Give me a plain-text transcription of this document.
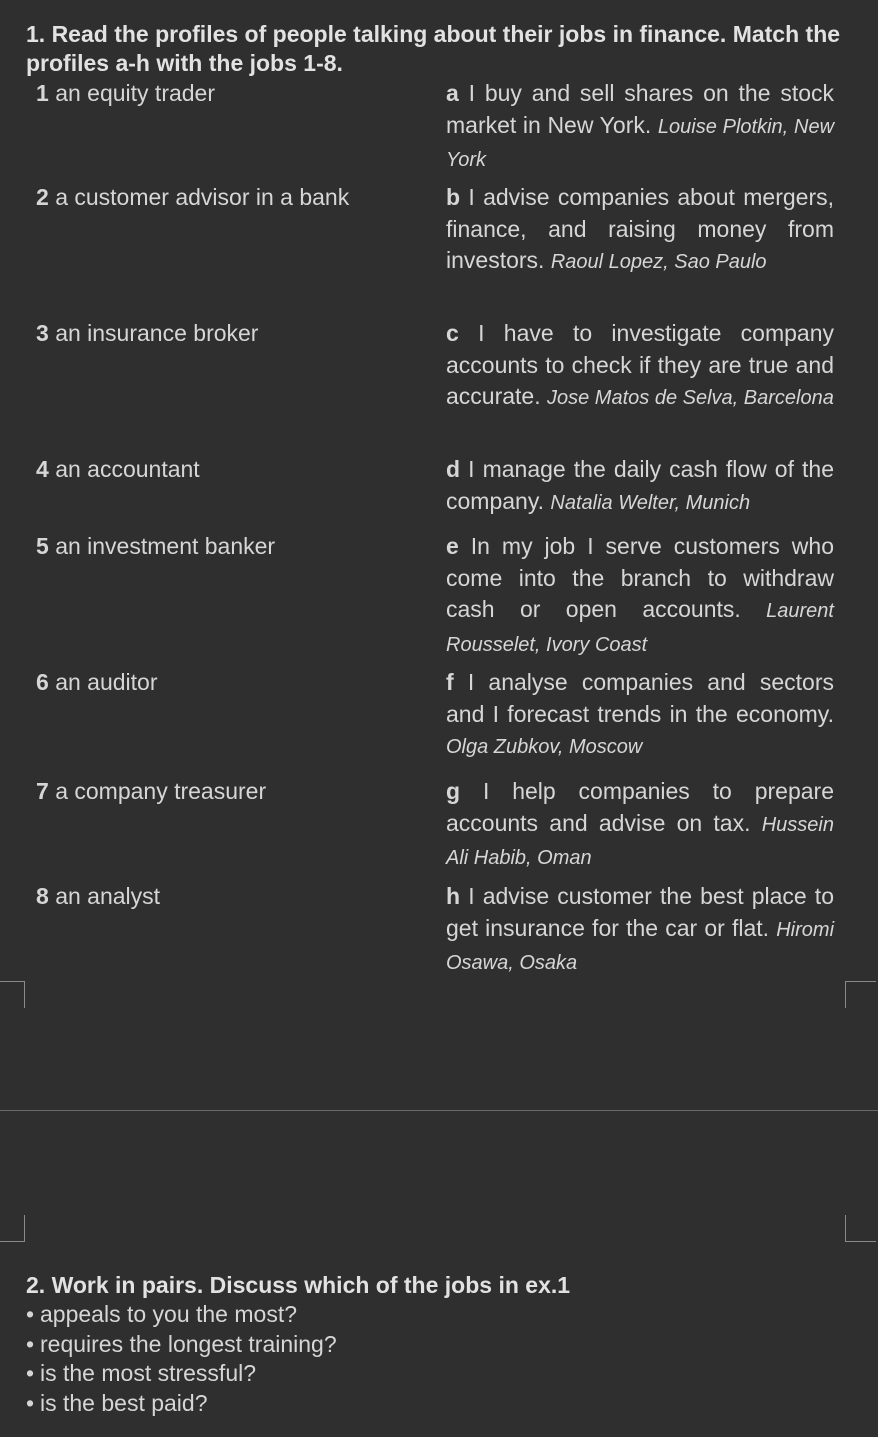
1. Read the profiles of people talking about their jobs in finance. Match the profiles a-h with the jobs 1-8.
1 an equity trader	a I buy and sell shares on the stock market in New York. Louise Plotkin, New York
2 a customer advisor in a bank	b I advise companies about mergers, finance, and raising money from investors. Raoul Lopez, Sao Paulo
3 an insurance broker	c I have to investigate company accounts to check if they are true and accurate. Jose Matos de Selva, Barcelona
4 an accountant	d I manage the daily cash flow of the company. Natalia Welter, Munich
5 an investment banker	e In my job I serve customers who come into the branch to withdraw cash or open accounts. Laurent Rousselet, Ivory Coast
6 an auditor	f I analyse companies and sectors and I forecast trends in the economy. Olga Zubkov, Moscow
7 a company treasurer	g I help companies to prepare accounts and advise on tax. Hussein Ali Habib, Oman
8 an analyst	h I advise customer the best place to get insurance for the car or flat. Hiromi Osawa, Osaka
2. Work in pairs. Discuss which of the jobs in ex.1
• appeals to you the most?
• requires the longest training?
• is the most stressful?
• is the best paid?
